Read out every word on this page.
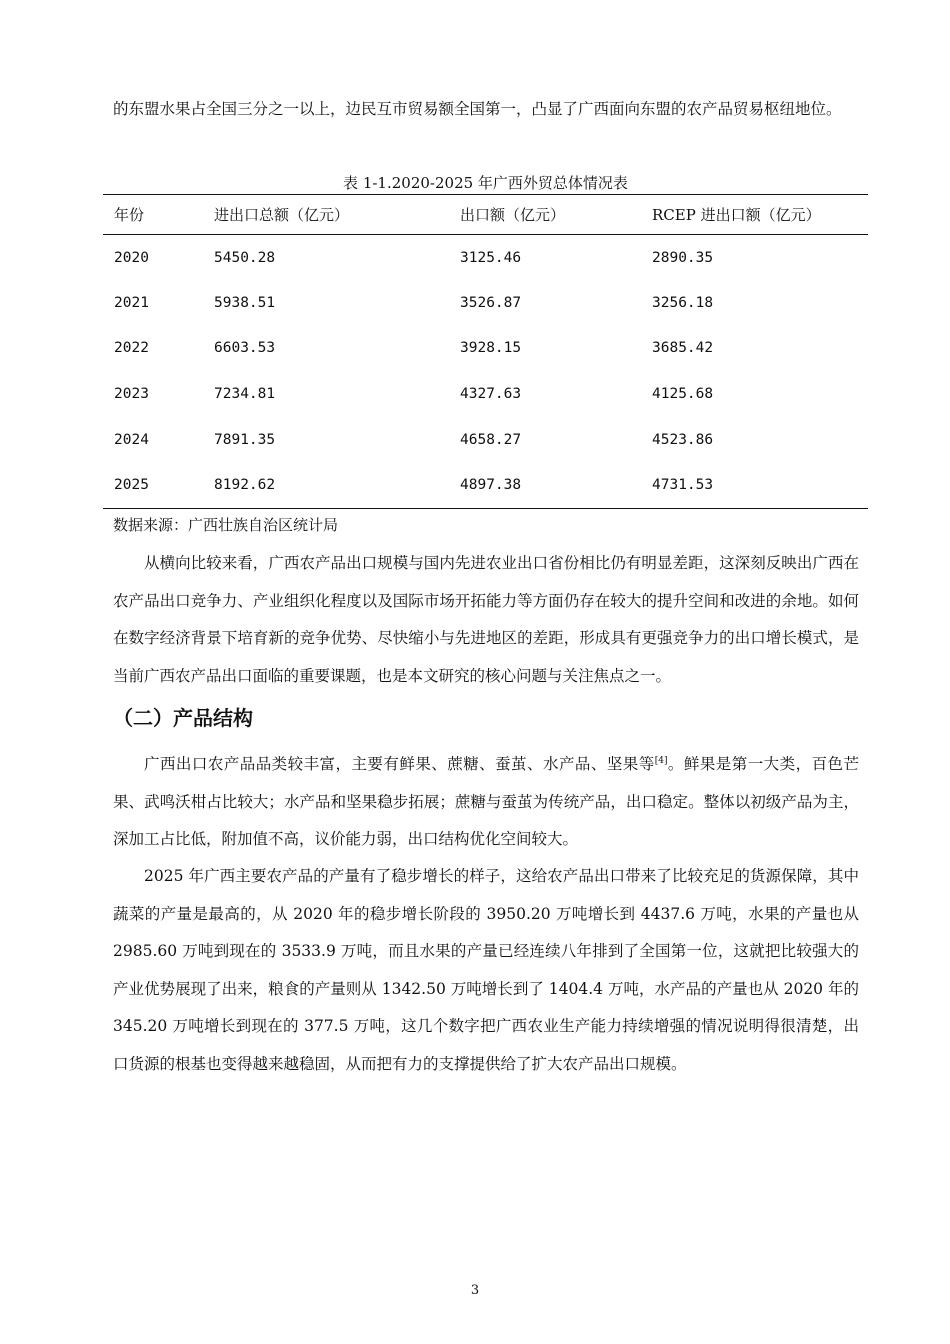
的东盟水果占全国三分之一以上，边民互市贸易额全国第一，凸显了广西面向东盟的农产品贸易枢纽地位。

表 1-1.2020-2025 年广西外贸总体情况表
年份	进出口总额（亿元）	出口额（亿元）	RCEP 进出口额（亿元）
2020	5450.28	3125.46	2890.35
2021	5938.51	3526.87	3256.18
2022	6603.53	3928.15	3685.42
2023	7234.81	4327.63	4125.68
2024	7891.35	4658.27	4523.86
2025	8192.62	4897.38	4731.53
数据来源：广西壮族自治区统计局

从横向比较来看，广西农产品出口规模与国内先进农业出口省份相比仍有明显差距，这深刻反映出广西在农产品出口竞争力、产业组织化程度以及国际市场开拓能力等方面仍存在较大的提升空间和改进的余地。如何在数字经济背景下培育新的竞争优势、尽快缩小与先进地区的差距，形成具有更强竞争力的出口增长模式，是当前广西农产品出口面临的重要课题，也是本文研究的核心问题与关注焦点之一。

（二）产品结构

广西出口农产品品类较丰富，主要有鲜果、蔗糖、蚕茧、水产品、坚果等[4]。鲜果是第一大类，百色芒果、武鸣沃柑占比较大；水产品和坚果稳步拓展；蔗糖与蚕茧为传统产品，出口稳定。整体以初级产品为主，深加工占比低，附加值不高，议价能力弱，出口结构优化空间较大。

2025 年广西主要农产品的产量有了稳步增长的样子，这给农产品出口带来了比较充足的货源保障，其中蔬菜的产量是最高的，从 2020 年的稳步增长阶段的 3950.20 万吨增长到 4437.6 万吨，水果的产量也从 2985.60 万吨到现在的 3533.9 万吨，而且水果的产量已经连续八年排到了全国第一位，这就把比较强大的产业优势展现了出来，粮食的产量则从 1342.50 万吨增长到了 1404.4 万吨，水产品的产量也从 2020 年的 345.20 万吨增长到现在的 377.5 万吨，这几个数字把广西农业生产能力持续增强的情况说明得很清楚，出口货源的根基也变得越来越稳固，从而把有力的支撑提供给了扩大农产品出口规模。

3
